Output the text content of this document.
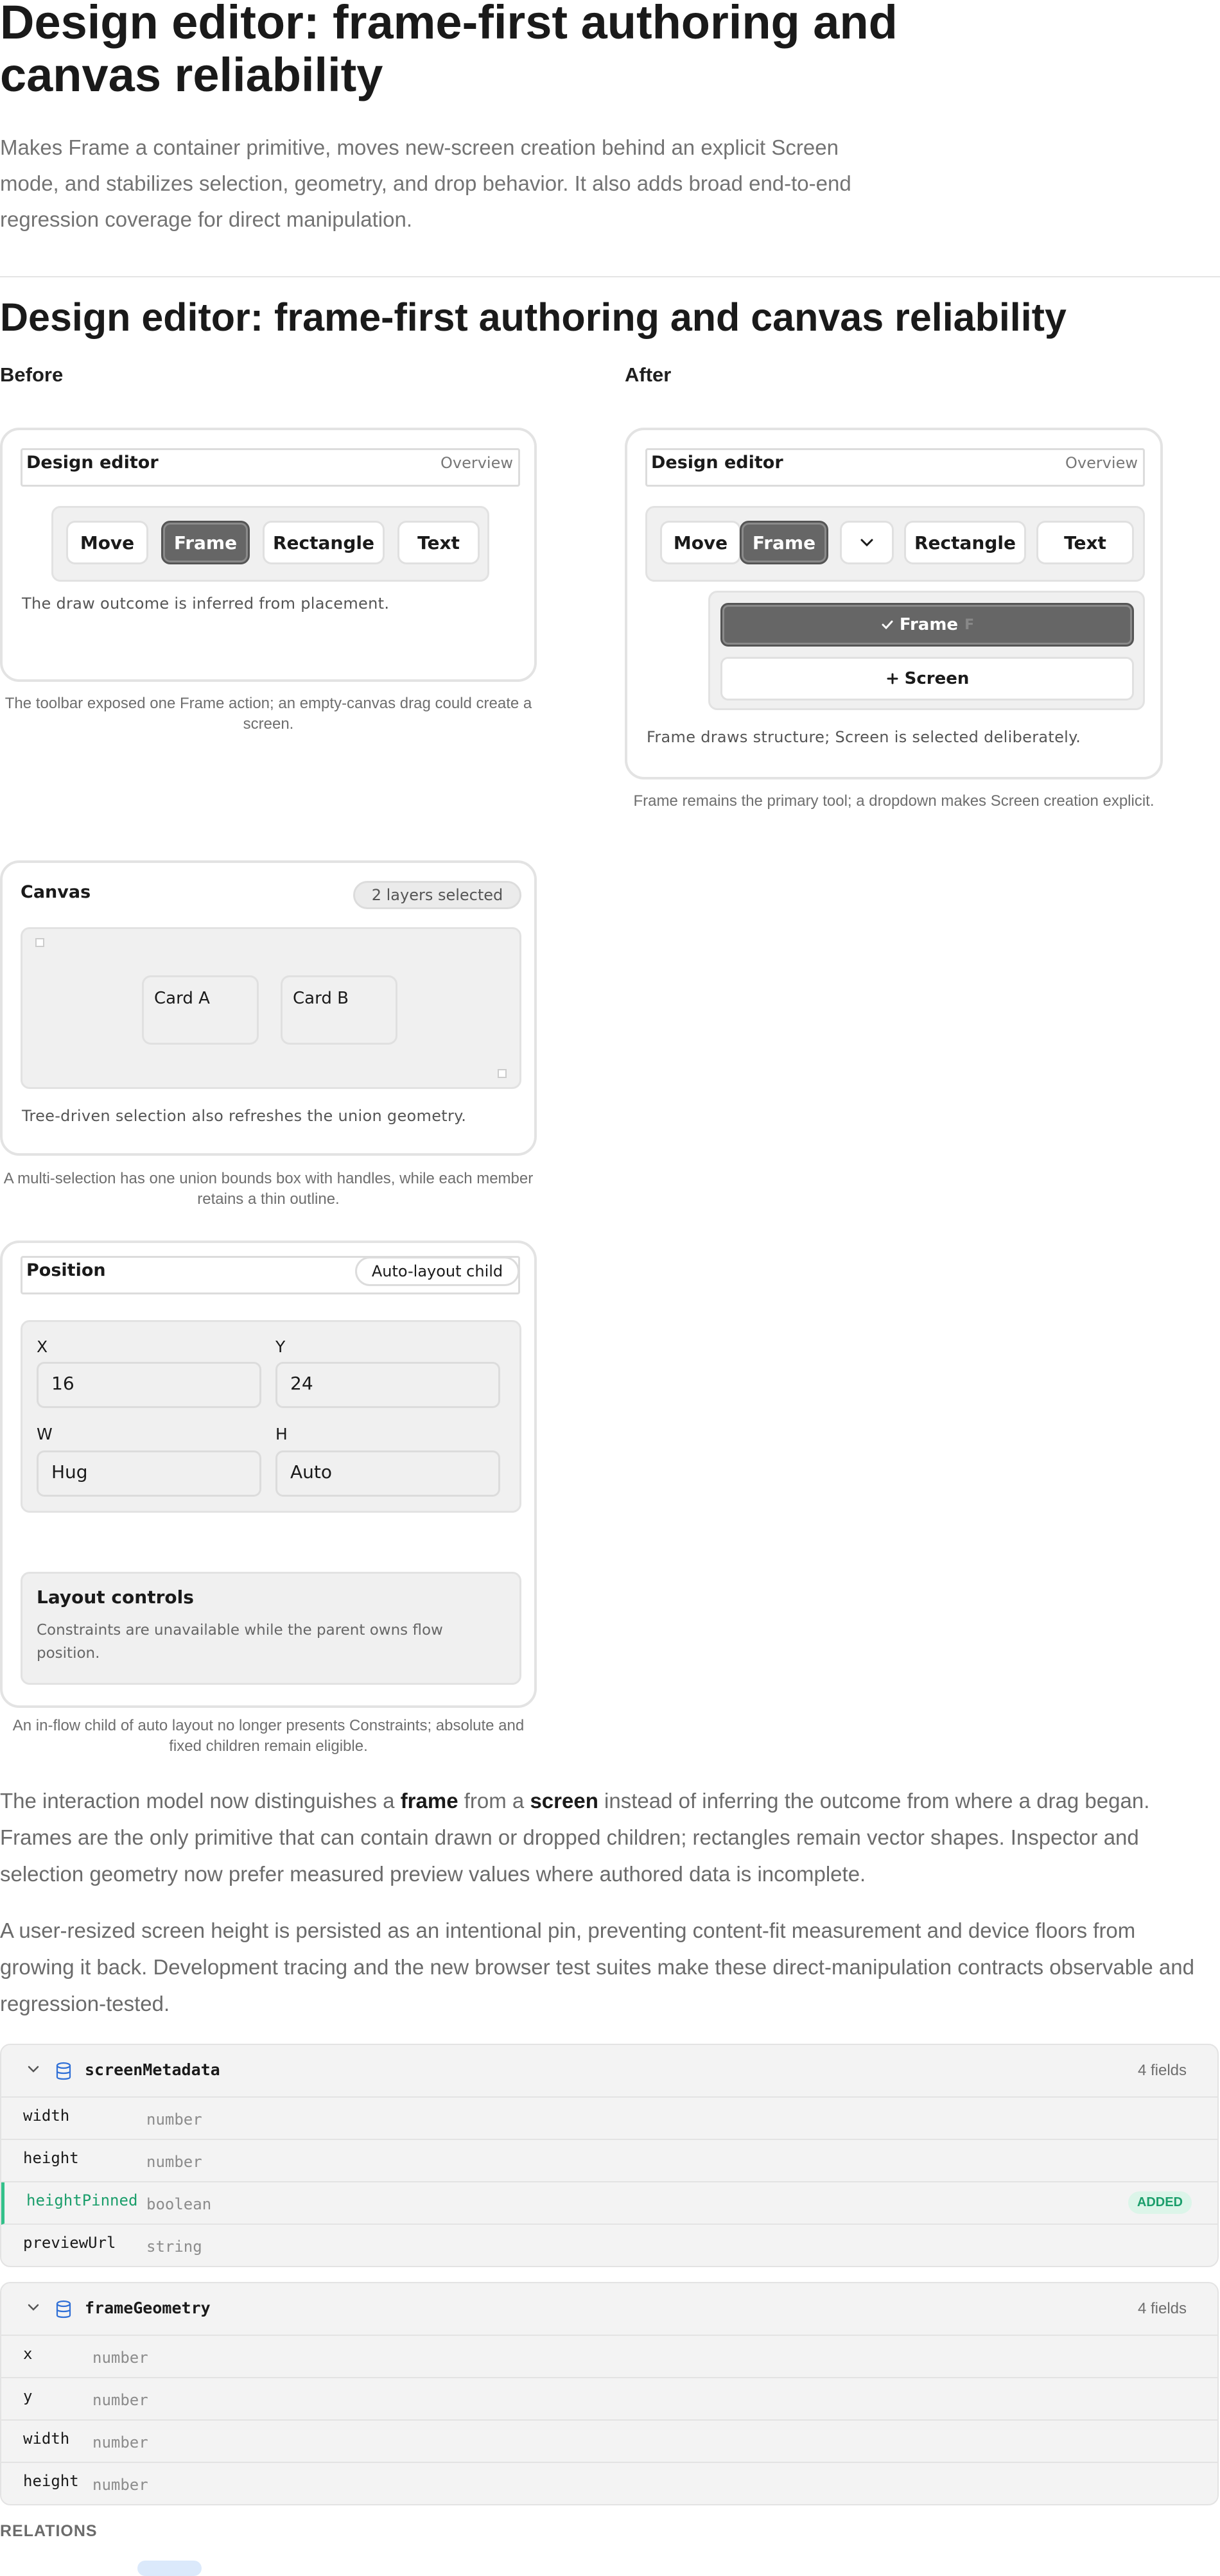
Design editor: frame-first authoring and canvas reliability

Makes Frame a container primitive, moves new-screen creation behind an explicit Screen mode, and stabilizes selection, geometry, and drop behavior. It also adds broad end-to-end regression coverage for direct manipulation.

Design editor: frame-first authoring and canvas reliability
Before	After
Design editor	Overview
Move	Frame	Rectangle	Text
The draw outcome is inferred from placement.
The toolbar exposed one Frame action; an empty-canvas drag could create a screen.
Design editor	Overview
Move	Frame	Rectangle	Text
Frame F
Screen
Frame draws structure; Screen is selected deliberately.
Frame remains the primary tool; a dropdown makes Screen creation explicit.
Canvas	2 layers selected
Card A	Card B
Tree-driven selection also refreshes the union geometry.
A multi-selection has one union bounds box with handles, while each member retains a thin outline.
Position	Auto-layout child
X
16
Y
24
W
Hug
H
Auto
Layout controls
Constraints are unavailable while the parent owns flow position.
An in-flow child of auto layout no longer presents Constraints; absolute and fixed children remain eligible.

The interaction model now distinguishes a frame from a screen instead of inferring the outcome from where a drag began. Frames are the only primitive that can contain drawn or dropped children; rectangles remain vector shapes. Inspector and selection geometry now prefer measured preview values where authored data is incomplete.

A user-resized screen height is persisted as an intentional pin, preventing content-fit measurement and device floors from growing it back. Development tracing and the new browser test suites make these direct-manipulation contracts observable and regression-tested.

screenMetadata	4 fields
width	number
height	number
heightPinned boolean	ADDED
previewUrl string
frameGeometry	4 fields
x	number
y	number
width number
height number
RELATIONS
